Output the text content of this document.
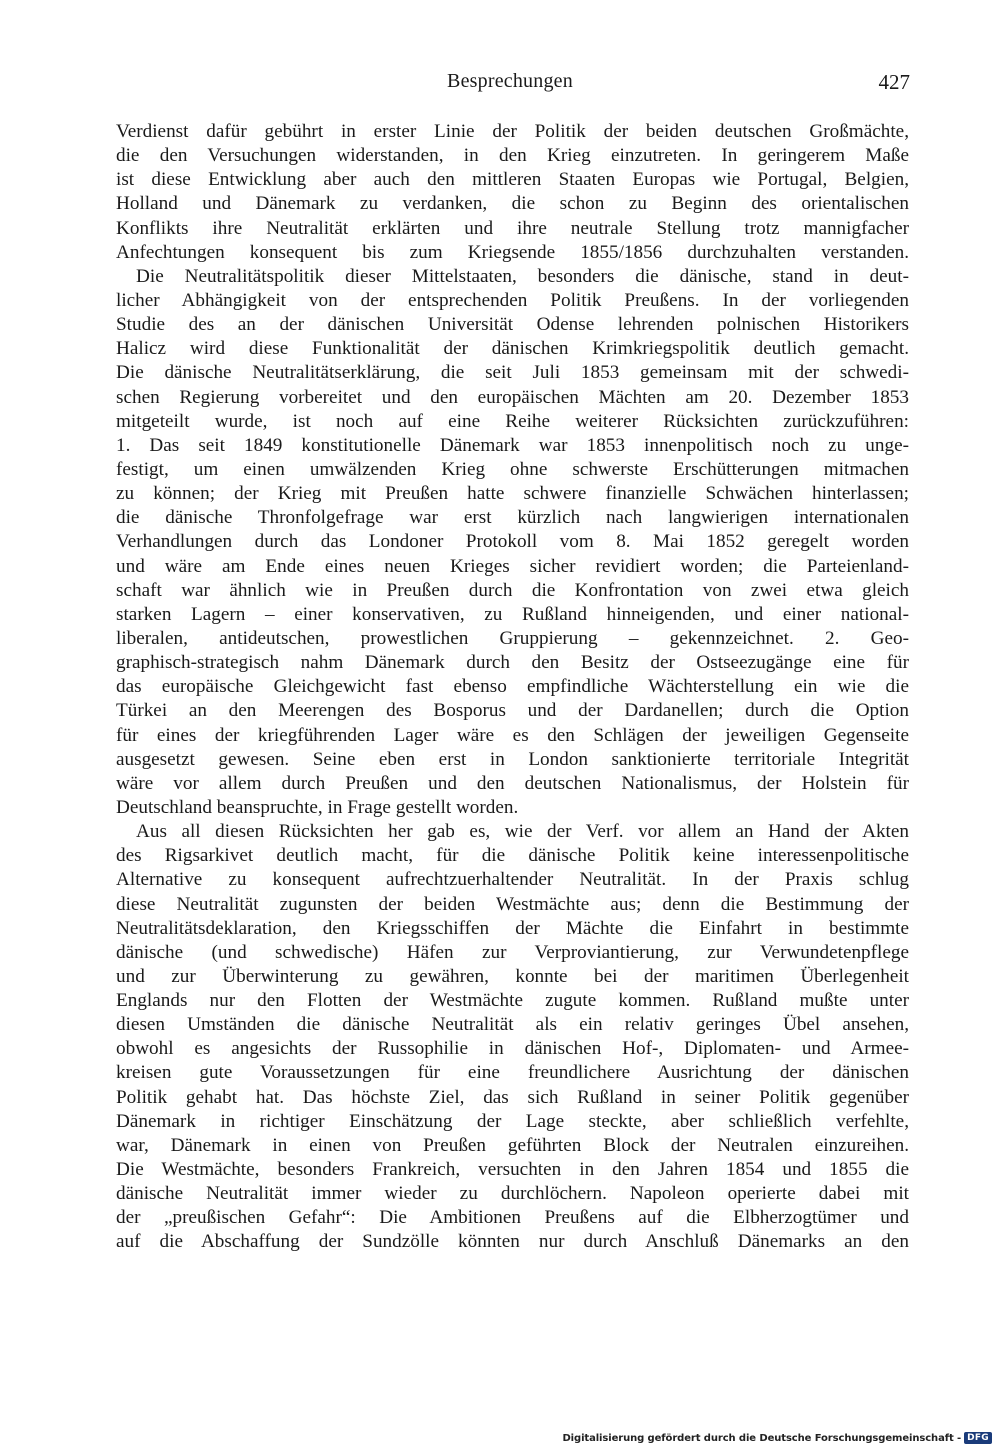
Besprechungen	427
Verdienst dafür gebührt in erster Linie der Politik der beiden deutschen Großmächte,
die den Versuchungen widerstanden, in den Krieg einzutreten. In geringerem Maße
ist diese Entwicklung aber auch den mittleren Staaten Europas wie Portugal, Belgien,
Holland und Dänemark zu verdanken, die schon zu Beginn des orientalischen
Konflikts ihre Neutralität erklärten und ihre neutrale Stellung trotz mannigfacher
Anfechtungen konsequent bis zum Kriegsende 1855/1856 durchzuhalten verstanden.
Die Neutralitätspolitik dieser Mittelstaaten, besonders die dänische, stand in deut-
licher Abhängigkeit von der entsprechenden Politik Preußens. In der vorliegenden
Studie des an der dänischen Universität Odense lehrenden polnischen Historikers
Halicz wird diese Funktionalität der dänischen Krimkriegspolitik deutlich gemacht.
Die dänische Neutralitätserklärung, die seit Juli 1853 gemeinsam mit der schwedi-
schen Regierung vorbereitet und den europäischen Mächten am 20. Dezember 1853
mitgeteilt wurde, ist noch auf eine Reihe weiterer Rücksichten zurückzuführen:
1. Das seit 1849 konstitutionelle Dänemark war 1853 innenpolitisch noch zu unge-
festigt, um einen umwälzenden Krieg ohne schwerste Erschütterungen mitmachen
zu können; der Krieg mit Preußen hatte schwere finanzielle Schwächen hinterlassen;
die dänische Thronfolgefrage war erst kürzlich nach langwierigen internationalen
Verhandlungen durch das Londoner Protokoll vom 8. Mai 1852 geregelt worden
und wäre am Ende eines neuen Krieges sicher revidiert worden; die Parteienland-
schaft war ähnlich wie in Preußen durch die Konfrontation von zwei etwa gleich
starken Lagern – einer konservativen, zu Rußland hinneigenden, und einer national-
liberalen, antideutschen, prowestlichen Gruppierung – gekennzeichnet. 2. Geo-
graphisch-strategisch nahm Dänemark durch den Besitz der Ostseezugänge eine für
das europäische Gleichgewicht fast ebenso empfindliche Wächterstellung ein wie die
Türkei an den Meerengen des Bosporus und der Dardanellen; durch die Option
für eines der kriegführenden Lager wäre es den Schlägen der jeweiligen Gegenseite
ausgesetzt gewesen. Seine eben erst in London sanktionierte territoriale Integrität
wäre vor allem durch Preußen und den deutschen Nationalismus, der Holstein für
Deutschland beanspruchte, in Frage gestellt worden.
Aus all diesen Rücksichten her gab es, wie der Verf. vor allem an Hand der Akten
des Rigsarkivet deutlich macht, für die dänische Politik keine interessenpolitische
Alternative zu konsequent aufrechtzuerhaltender Neutralität. In der Praxis schlug
diese Neutralität zugunsten der beiden Westmächte aus; denn die Bestimmung der
Neutralitätsdeklaration, den Kriegsschiffen der Mächte die Einfahrt in bestimmte
dänische (und schwedische) Häfen zur Verproviantierung, zur Verwundetenpflege
und zur Überwinterung zu gewähren, konnte bei der maritimen Überlegenheit
Englands nur den Flotten der Westmächte zugute kommen. Rußland mußte unter
diesen Umständen die dänische Neutralität als ein relativ geringes Übel ansehen,
obwohl es angesichts der Russophilie in dänischen Hof-, Diplomaten- und Armee-
kreisen gute Voraussetzungen für eine freundlichere Ausrichtung der dänischen
Politik gehabt hat. Das höchste Ziel, das sich Rußland in seiner Politik gegenüber
Dänemark in richtiger Einschätzung der Lage steckte, aber schließlich verfehlte,
war, Dänemark in einen von Preußen geführten Block der Neutralen einzureihen.
Die Westmächte, besonders Frankreich, versuchten in den Jahren 1854 und 1855 die
dänische Neutralität immer wieder zu durchlöchern. Napoleon operierte dabei mit
der „preußischen Gefahr“: Die Ambitionen Preußens auf die Elbherzogtümer und
auf die Abschaffung der Sundzölle könnten nur durch Anschluß Dänemarks an den
Digitalisierung gefördert durch die Deutsche Forschungsgemeinschaft - DFG
